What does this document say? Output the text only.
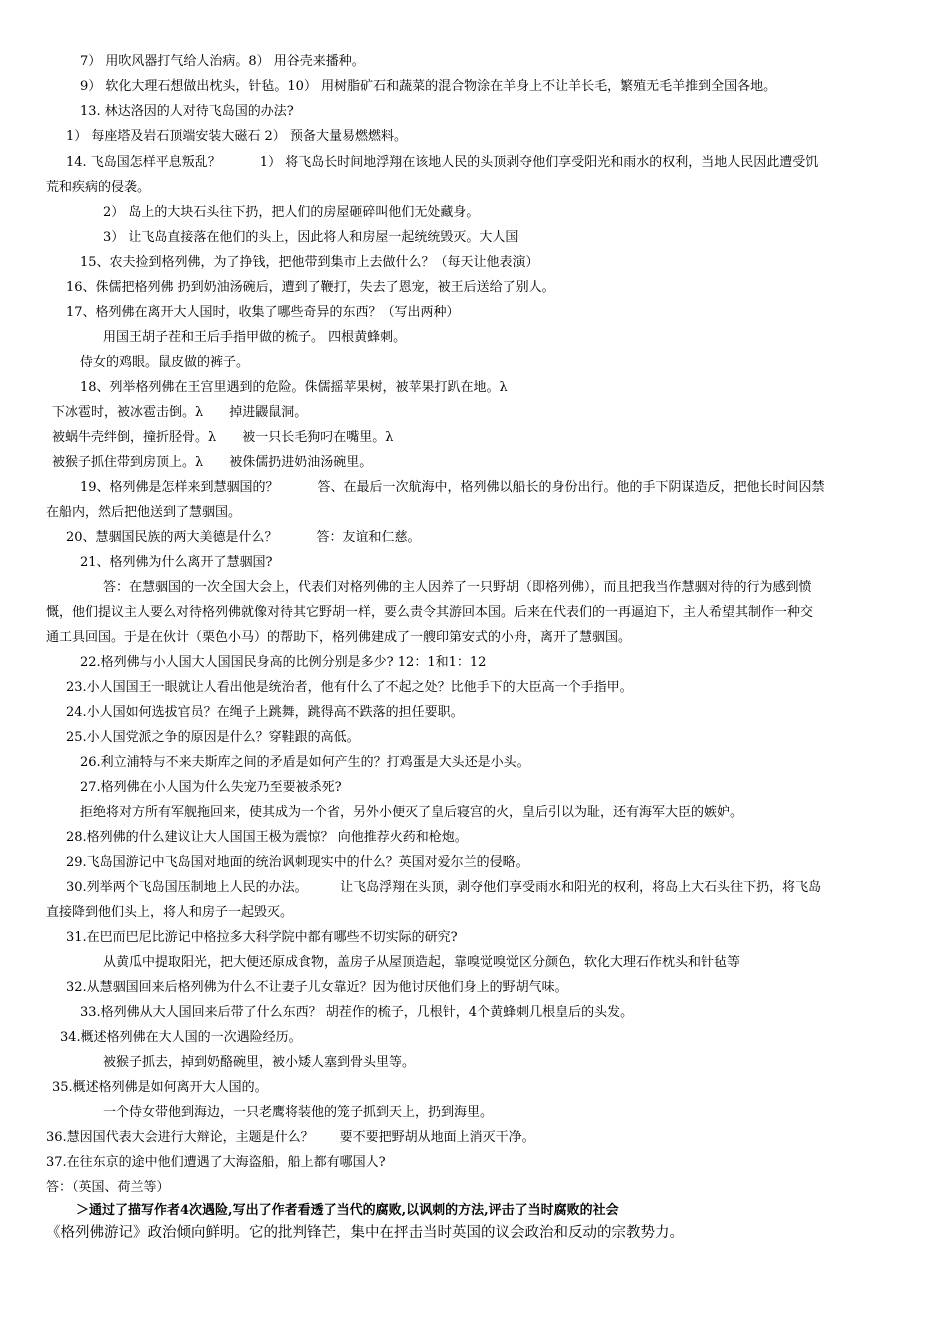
7） 用吹风器打气给人治病。8） 用谷壳来播种。
9） 软化大理石想做出枕头，针毡。10） 用树脂矿石和蔬菜的混合物涂在羊身上不让羊长毛，繁殖无毛羊推到全国各地。
13. 林达洛因的人对待飞岛国的办法?
1） 每座塔及岩石顶端安装大磁石 2） 预备大量易燃燃料。
14. 飞岛国怎样平息叛乱？　　　1） 将飞岛长时间地浮翔在该地人民的头顶剥夺他们享受阳光和雨水的权利，当地人民因此遭受饥
荒和疾病的侵袭。
2） 岛上的大块石头往下扔，把人们的房屋砸碎叫他们无处藏身。
3） 让飞岛直接落在他们的头上，因此将人和房屋一起统统毁灭。大人国
15、农夫捡到格列佛，为了挣钱，把他带到集市上去做什么？（每天让他表演）
16、侏儒把格列佛 扔到奶油汤碗后，遭到了鞭打，失去了恩宠，被王后送给了别人。
17、格列佛在离开大人国时，收集了哪些奇异的东西？（写出两种）
用国王胡子茬和王后手指甲做的梳子。 四根黄蜂刺。
侍女的鸡眼。鼠皮做的裤子。
18、列举格列佛在王宫里遇到的危险。侏儒摇苹果树，被苹果打趴在地。λ
下冰雹时，被冰雹击倒。λ　　掉进鼹鼠洞。
被蜗牛壳绊倒，撞折胫骨。λ　　被一只长毛狗叼在嘴里。λ
被猴子抓住带到房顶上。λ　　被侏儒扔进奶油汤碗里。
19、格列佛是怎样来到慧骃国的？　　　答、在最后一次航海中，格列佛以船长的身份出行。他的手下阴谋造反，把他长时间囚禁
在船内，然后把他送到了慧骃国。
20、慧骃国民族的两大美德是什么？　　　答：友谊和仁慈。
21、格列佛为什么离开了慧骃国?
答：在慧骃国的一次全国大会上，代表们对格列佛的主人因养了一只野胡（即格列佛），而且把我当作慧骃对待的行为感到愤
慨，他们提议主人要么对待格列佛就像对待其它野胡一样，要么责令其游回本国。后来在代表们的一再逼迫下，主人希望其制作一种交
通工具回国。于是在伙计（栗色小马）的帮助下，格列佛建成了一艘印第安式的小舟，离开了慧骃国。
22.格列佛与小人国大人国国民身高的比例分别是多少? 12：1和1：12
23.小人国国王一眼就让人看出他是统治者，他有什么了不起之处？比他手下的大臣高一个手指甲。
24.小人国如何选拔官员？在绳子上跳舞，跳得高不跌落的担任要职。
25.小人国党派之争的原因是什么？穿鞋跟的高低。
26.利立浦特与不来夫斯库之间的矛盾是如何产生的？打鸡蛋是大头还是小头。
27.格列佛在小人国为什么失宠乃至要被杀死?
拒绝将对方所有军舰拖回来，使其成为一个省，另外小便灭了皇后寝宫的火，皇后引以为耻，还有海军大臣的嫉妒。
28.格列佛的什么建议让大人国国王极为震惊？ 向他推荐火药和枪炮。
29.飞岛国游记中飞岛国对地面的统治讽刺现实中的什么？英国对爱尔兰的侵略。
30.列举两个飞岛国压制地上人民的办法。　　　让飞岛浮翔在头顶，剥夺他们享受雨水和阳光的权利，将岛上大石头往下扔，将飞岛
直接降到他们头上，将人和房子一起毁灭。
31.在巴而巴尼比游记中格拉多大科学院中都有哪些不切实际的研究?
从黄瓜中提取阳光，把大便还原成食物，盖房子从屋顶造起，靠嗅觉嗅觉区分颜色，软化大理石作枕头和针毡等
32.从慧骃国回来后格列佛为什么不让妻子儿女靠近？因为他讨厌他们身上的野胡气味。
33.格列佛从大人国回来后带了什么东西？ 胡茬作的梳子，几根针，4个黄蜂刺几根皇后的头发。
34.概述格列佛在大人国的一次遇险经历。
被猴子抓去，掉到奶酪碗里，被小矮人塞到骨头里等。
35.概述格列佛是如何离开大人国的。
一个侍女带他到海边，一只老鹰将装他的笼子抓到天上，扔到海里。
36.慧因国代表大会进行大辩论，主题是什么？　　要不要把野胡从地面上消灭干净。
37.在往东京的途中他们遭遇了大海盗船，船上都有哪国人?
答：（英国、荷兰等）
＞通过了描写作者4次遇险,写出了作者看透了当代的腐败,以讽刺的方法,评击了当时腐败的社会
《格列佛游记》政治倾向鲜明。它的批判锋芒，集中在抨击当时英国的议会政治和反动的宗教势力。
